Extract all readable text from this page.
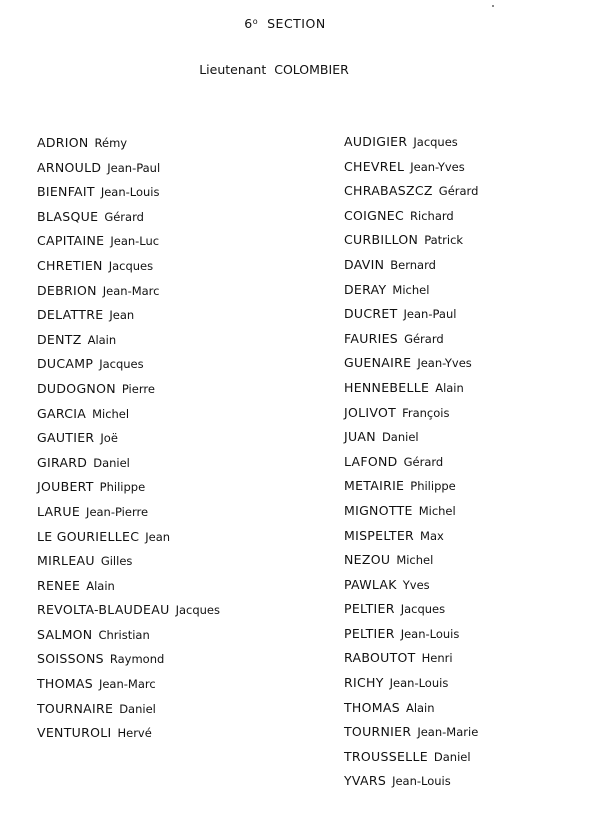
6$^o$ SECTION
Lieutenant COLOMBIER
ADRION Rémy
ARNOULD Jean-Paul
BIENFAIT Jean-Louis
BLASQUE Gérard
CAPITAINE Jean-Luc
CHRETIEN Jacques
DEBRION Jean-Marc
DELATTRE Jean
DENTZ Alain
DUCAMP Jacques
DUDOGNON Pierre
GARCIA Michel
GAUTIER Joë
GIRARD Daniel
JOUBERT Philippe
LARUE Jean-Pierre
LE GOURIELLEC Jean
MIRLEAU Gilles
RENEE Alain
REVOLTA-BLAUDEAU Jacques
SALMON Christian
SOISSONS Raymond
THOMAS Jean-Marc
TOURNAIRE Daniel
VENTUROLI Hervé
AUDIGIER Jacques
CHEVREL Jean-Yves
CHRABASZCZ Gérard
COIGNEC Richard
CURBILLON Patrick
DAVIN Bernard
DERAY Michel
DUCRET Jean-Paul
FAURIES Gérard
GUENAIRE Jean-Yves
HENNEBELLE Alain
JOLIVOT François
JUAN Daniel
LAFOND Gérard
METAIRIE Philippe
MIGNOTTE Michel
MISPELTER Max
NEZOU Michel
PAWLAK Yves
PELTIER Jacques
PELTIER Jean-Louis
RABOUTOT Henri
RICHY Jean-Louis
THOMAS Alain
TOURNIER Jean-Marie
TROUSSELLE Daniel
YVARS Jean-Louis
